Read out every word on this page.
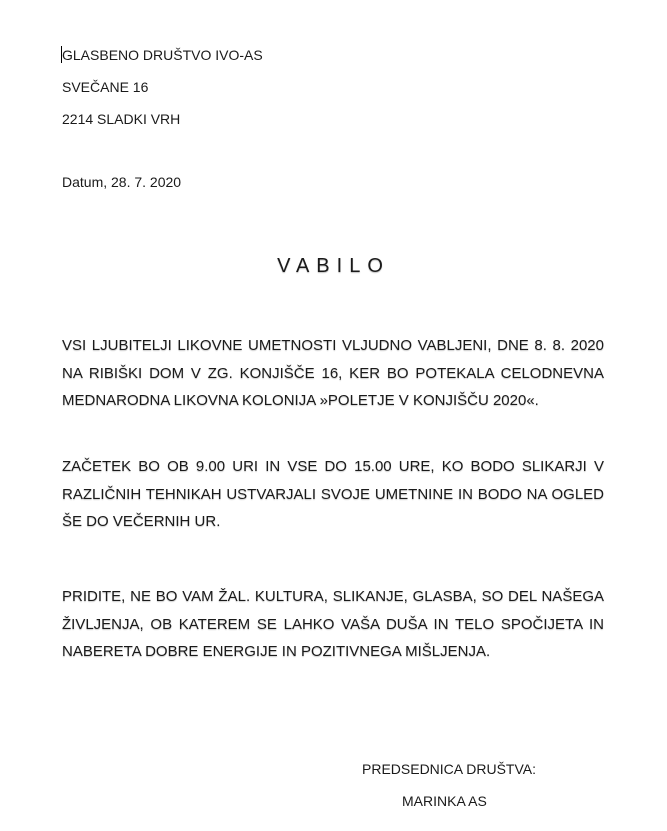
GLASBENO DRUŠTVO IVO-AS
SVEČANE 16
2214 SLADKI VRH
Datum, 28. 7. 2020
VABILO

VSI LJUBITELJI LIKOVNE UMETNOSTI VLJUDNO VABLJENI, DNE 8. 8. 2020 NA RIBIŠKI DOM V ZG. KONJIŠČE 16, KER BO POTEKALA CELODNEVNA MEDNARODNA LIKOVNA KOLONIJA »POLETJE V KONJIŠČU 2020«.

ZAČETEK BO OB 9.00 URI IN VSE DO 15.00 URE, KO BODO SLIKARJI V RAZLIČNIH TEHNIKAH USTVARJALI SVOJE UMETNINE IN BODO NA OGLED ŠE DO VEČERNIH UR.

PRIDITE, NE BO VAM ŽAL. KULTURA, SLIKANJE, GLASBA, SO DEL NAŠEGA ŽIVLJENJA, OB KATEREM SE LAHKO VAŠA DUŠA IN TELO SPOČIJETA IN NABERETA DOBRE ENERGIJE IN POZITIVNEGA MIŠLJENJA.

PREDSEDNICA DRUŠTVA:
MARINKA AS
